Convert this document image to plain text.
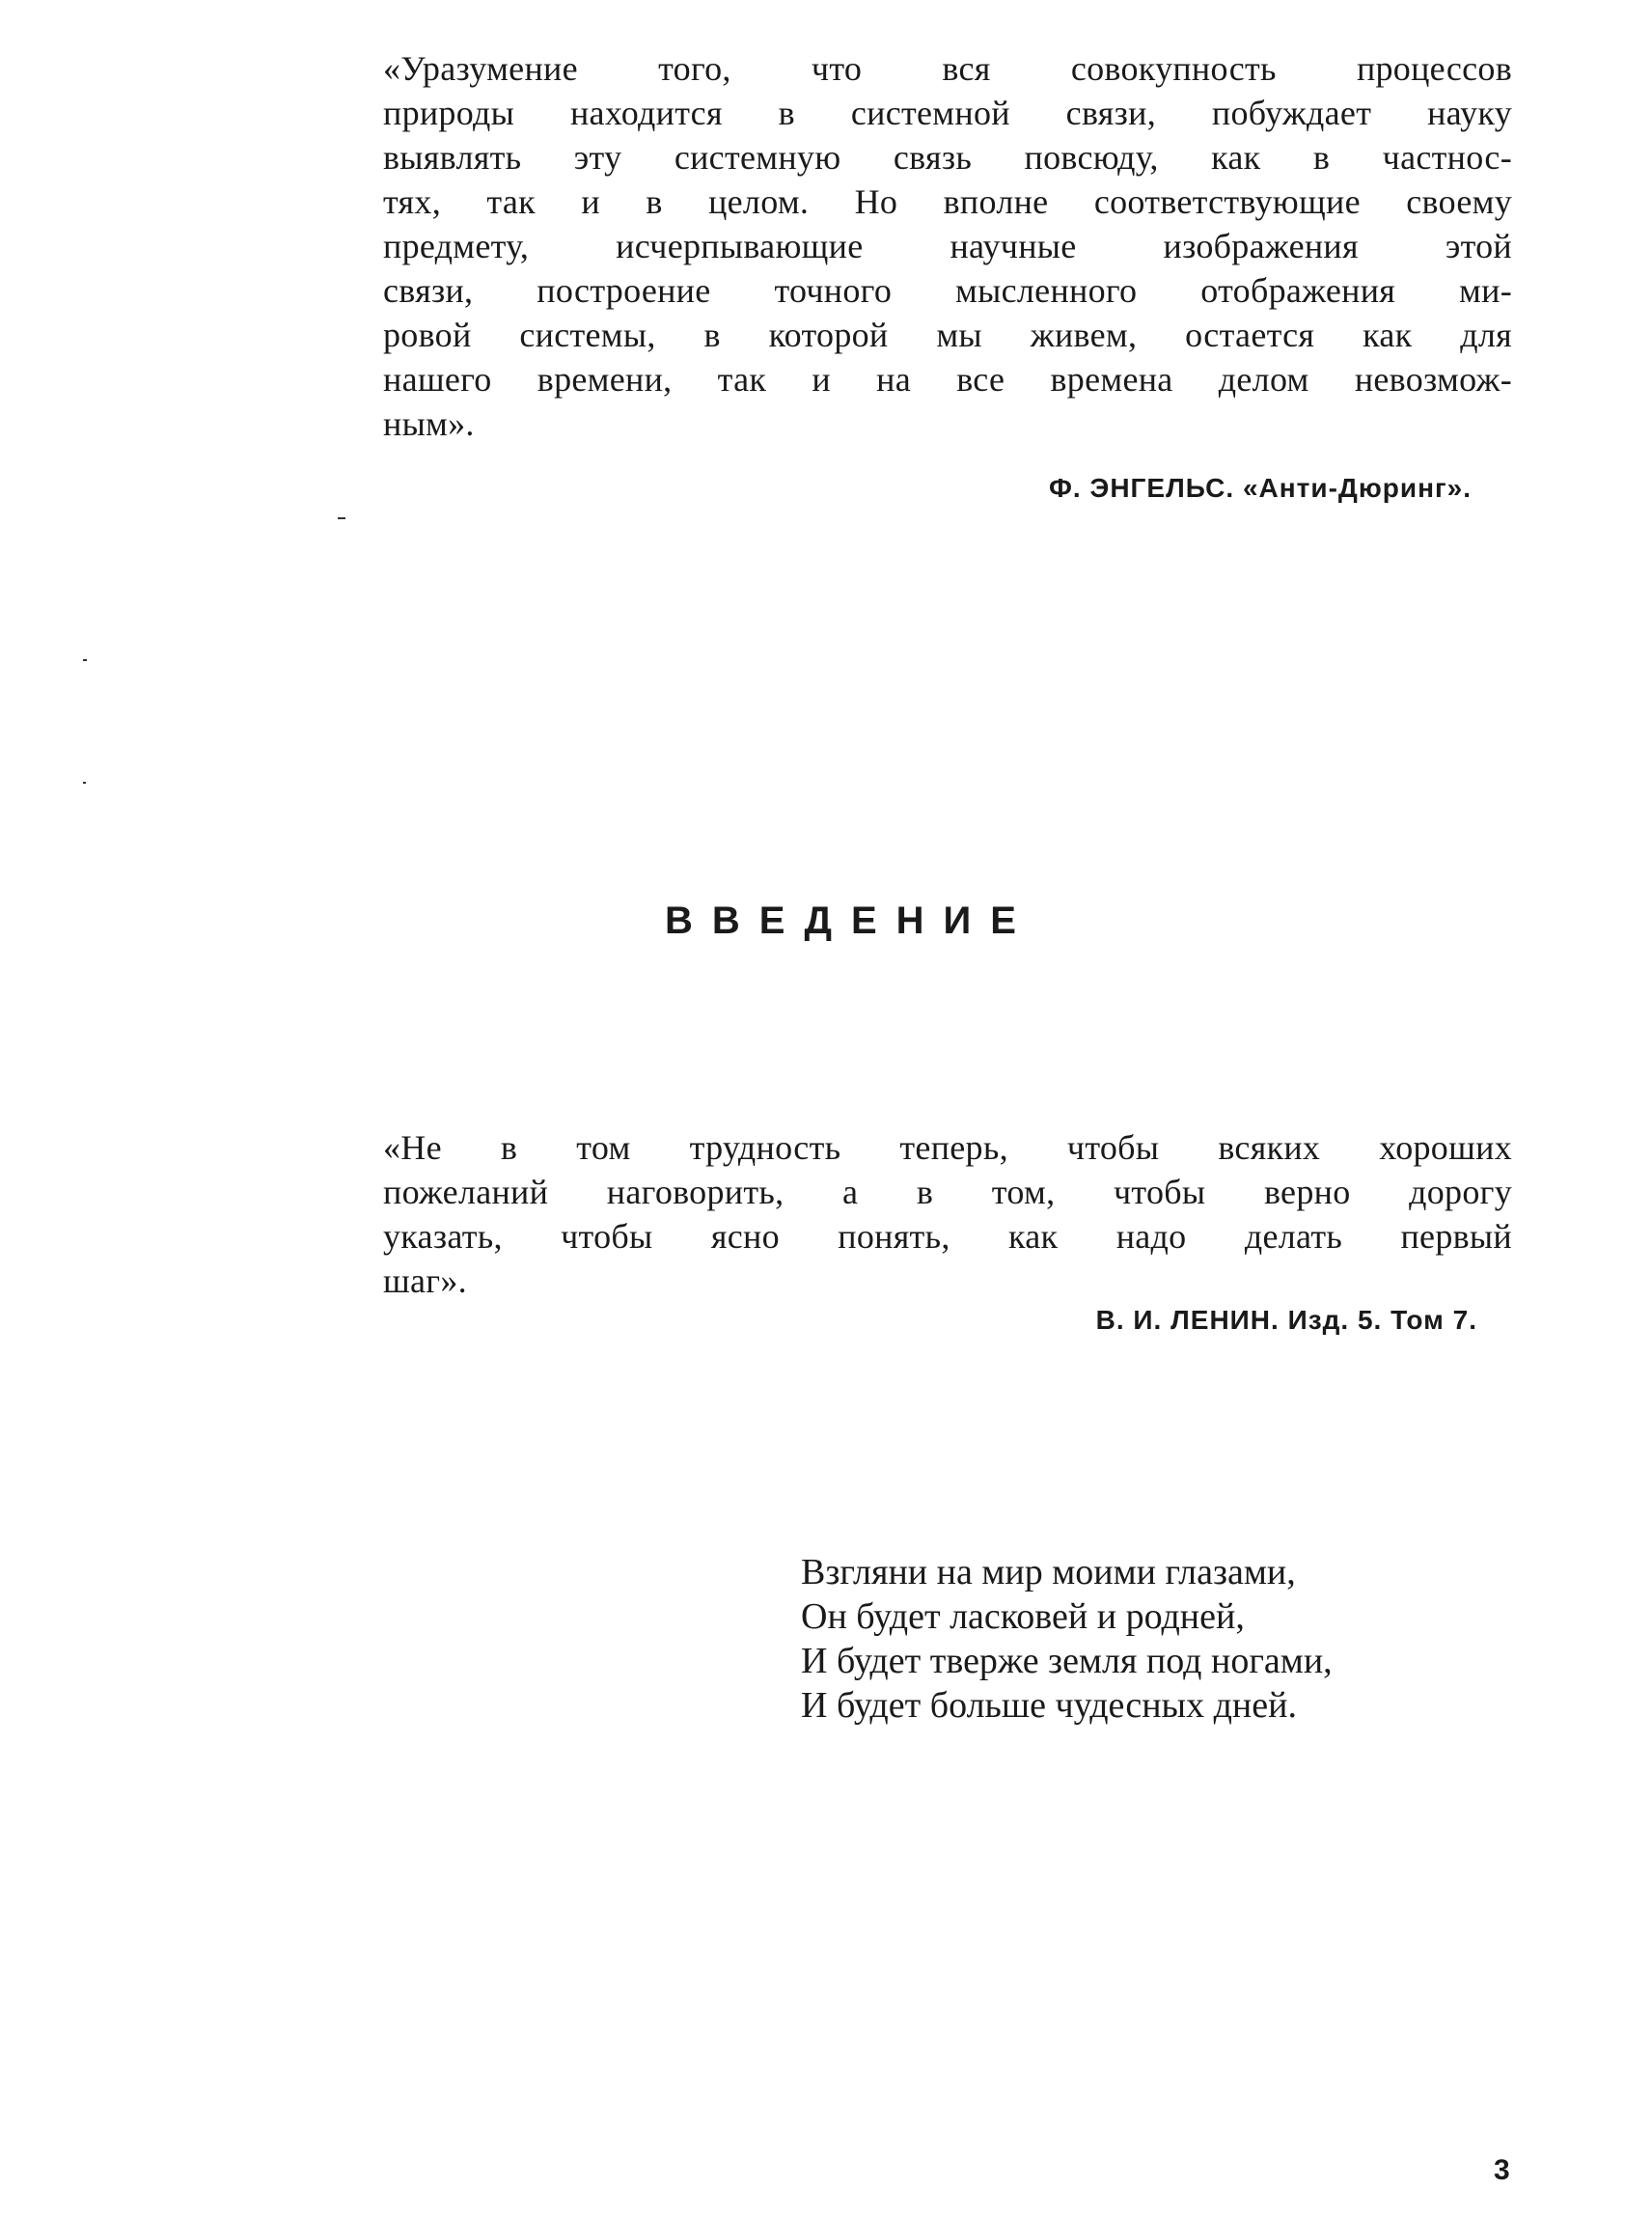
«Уразумение того, что вся совокупность процессов
природы находится в системной связи, побуждает науку
выявлять эту системную связь повсюду, как в частнос-
тях, так и в целом. Но вполне соответствующие своему
предмету, исчерпывающие научные изображения этой
связи, построение точного мысленного отображения ми-
ровой системы, в которой мы живем, остается как для
нашего времени, так и на все времена делом невозмож-
ным».

Ф. ЭНГЕЛЬС. «Анти-Дюринг».

ВВЕДЕНИЕ

«Не в том трудность теперь, чтобы всяких хороших
пожеланий наговорить, а в том, чтобы верно дорогу
указать, чтобы ясно понять, как надо делать первый
шаг».

В. И. ЛЕНИН. Изд. 5. Том 7.

Взгляни на мир моими глазами,
Он будет ласковей и родней,
И будет тверже земля под ногами,
И будет больше чудесных дней.
3
